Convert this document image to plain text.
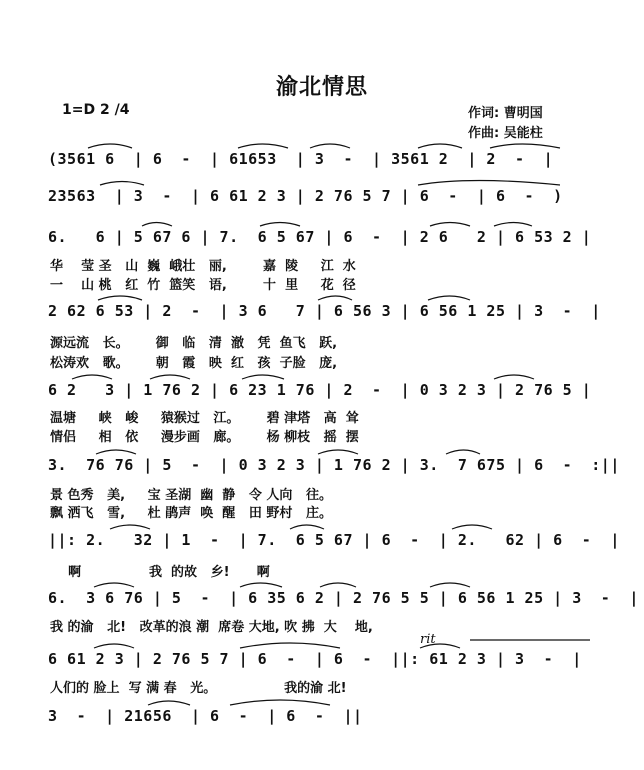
渝北情思
1=D 2 /4	作词: 曹明国
作曲: 吴能柱
(3561 6  | 6  -  | 61653  | 3  -  | 3561 2  | 2  -  |
23563  | 3  -  | 6 61 2 3 | 2 76 5 7 | 6  -  | 6  -  )
6.   6 | 5 67 6 | 7.  6 5 67 | 6  -  | 2 6   2 | 6 53 2 |
华    莹 圣   山  巍  峨壮   丽,        嘉  陵     江  水
一    山 桃   红  竹  篮笑   语,        十  里     花  径
2 62 6 53 | 2  -  | 3 6   7 | 6 56 3 | 6 56 1 25 | 3  -  |
源远流   长。      御   临   清  澈   凭  鱼飞   跃,
松涛欢   歌。      朝   霞   映  红   孩  子脸   庞,
6 2   3 | 1 76 2 | 6 23 1 76 | 2  -  | 0 3 2 3 | 2 76 5 |
温塘     峡   峻     猿猴过   江。      碧 津塔   高  耸
情侣     相   依     漫步画   廊。      杨 柳枝   摇  摆
3.  76 76 | 5  -  | 0 3 2 3 | 1 76 2 | 3.  7 675 | 6  -  :||
景 色秀   美,     宝 圣湖  幽  静   令 人向   往。
飘 洒飞   雪,     杜 鹃声  唤  醒   田 野村   庄。
||: 2.   32 | 1  -  | 7.  6 5 67 | 6  -  | 2.   62 | 6  -  |
啊               我  的故   乡!      啊
6.  3 6 76 | 5  -  | 6 35 6 2 | 2 76 5 5 | 6 56 1 25 | 3  -  |
我 的渝   北!   改革的浪 潮  席卷 大地, 吹 拂  大    地,
rit
6 61 2 3 | 2 76 5 7 | 6  -  | 6  -  ||: 61 2 3 | 3  -  |
人们的 脸上  写 满 春   光。               我的渝 北!
3  -  | 21656  | 6  -  | 6  -  ||
